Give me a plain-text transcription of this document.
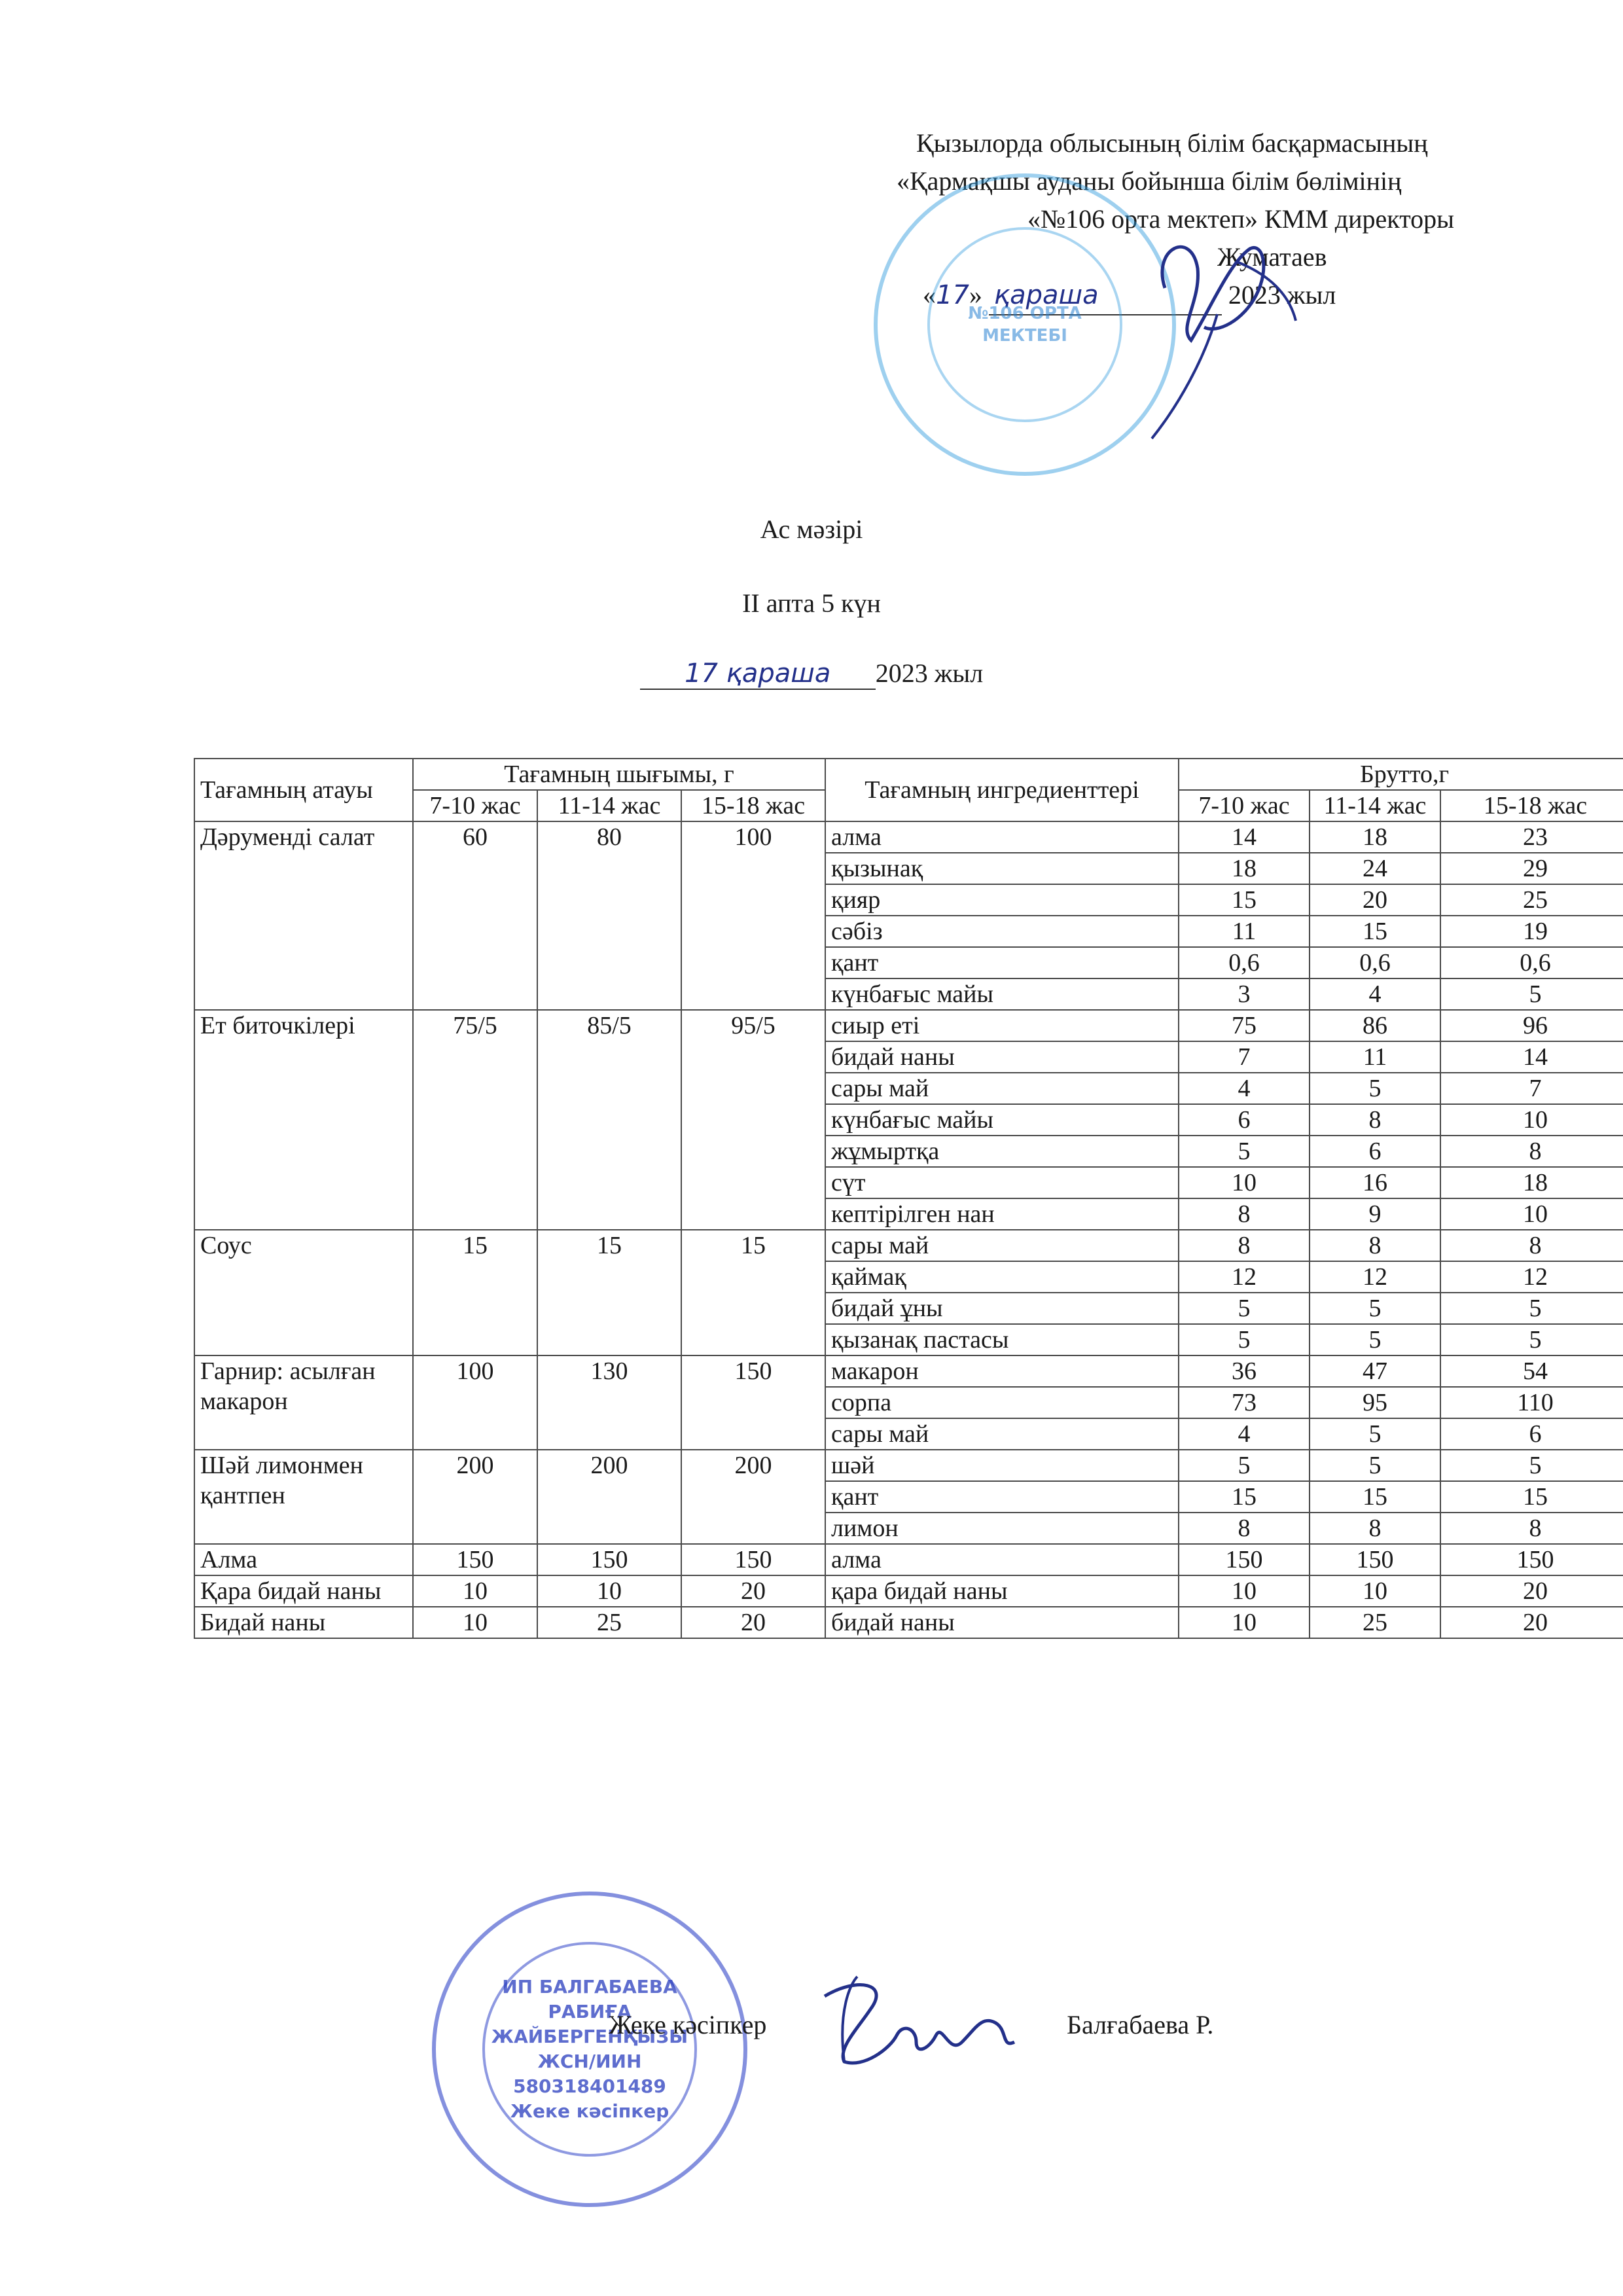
Қызылорда облысының білім басқармасының
«Қармақшы ауданы бойынша білім бөлімінің
«№106 орта мектеп» КММ директоры
Жуматаев
«17» қараша	2023 жыл
№106 ОРТА МЕКТЕБІ
Ас мәзірі
ІІ апта 5 күн
17 қараша 2023 жыл
Тағамның атауы	Тағамның шығымы, г			Тағамның ингредиенттері	Брутто,г		
	7-10 жас	11-14 жас	15-18 жас		7-10 жас	11-14 жас	15-18 жас
Дәруменді салат	60	80	100	алма	14	18	23
				қызынақ	18	24	29
				қияр	15	20	25
				сәбіз	11	15	19
				қант	0,6	0,6	0,6
				күнбағыс майы	3	4	5
Ет биточкілері	75/5	85/5	95/5	сиыр еті	75	86	96
				бидай наны	7	11	14
				сары май	4	5	7
				күнбағыс майы	6	8	10
				жұмыртқа	5	6	8
				сүт	10	16	18
				кептірілген нан	8	9	10
Соус	15	15	15	сары май	8	8	8
				қаймақ	12	12	12
				бидай ұны	5	5	5
				қызанақ пастасы	5	5	5
Гарнир: асылған макарон	100	130	150	макарон	36	47	54
				сорпа	73	95	110
				сары май	4	5	6
Шәй лимонмен қантпен	200	200	200	шәй	5	5	5
				қант	15	15	15
				лимон	8	8	8
Алма	150	150	150	алма	150	150	150
Қара бидай наны	10	10	20	қара бидай наны	10	10	20
Бидай наны	10	25	20	бидай наны	10	25	20
ИП БАЛГАБАЕВА
РАБИҒА
ЖАЙБЕРГЕНҚЫЗЫ
ЖСН/ИИН
580318401489
Жеке кәсіпкер
Жеке кәсіпкер	Балғабаева Р.
